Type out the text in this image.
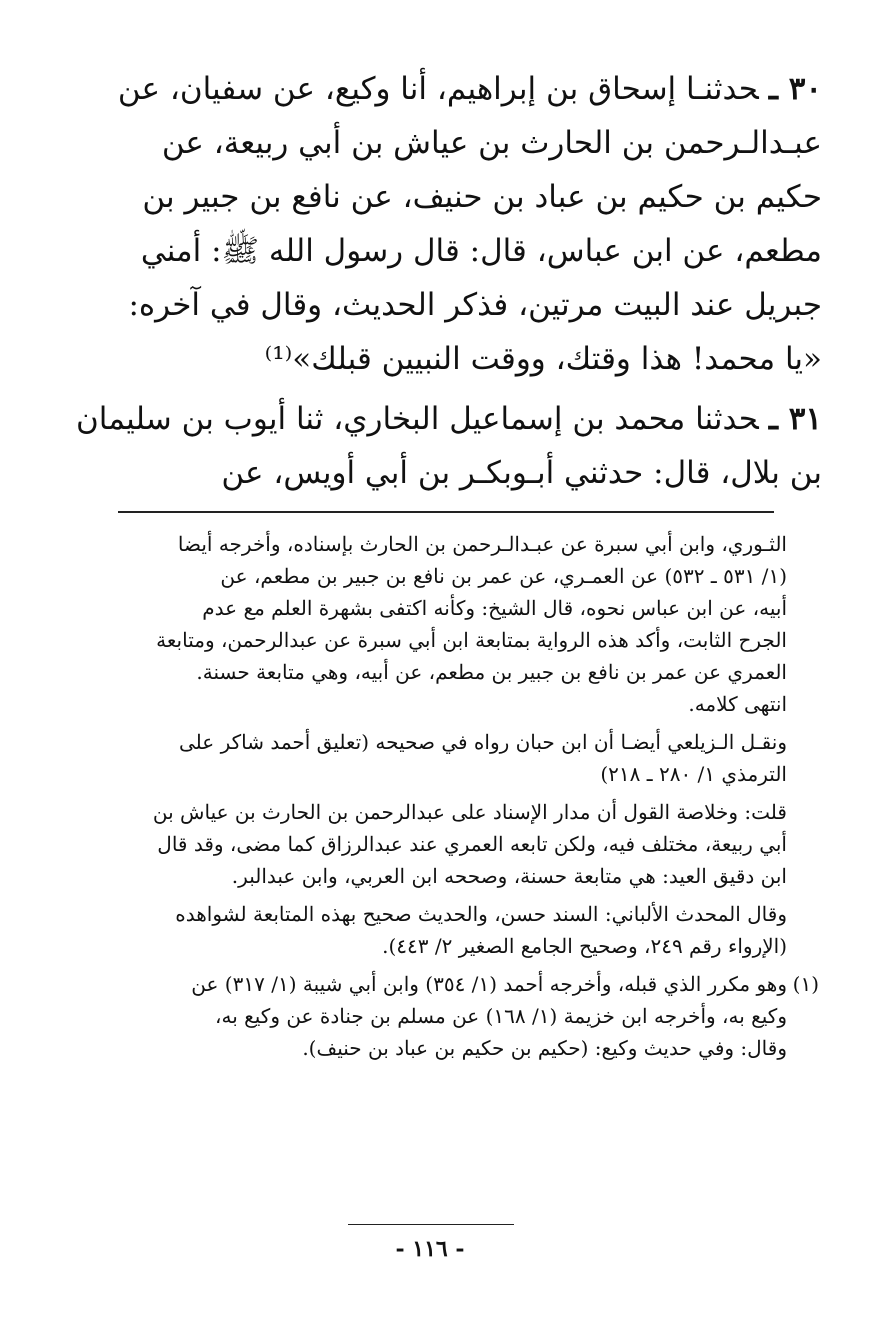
٣٠ ـحدثنـا إسحاق بن إبراهيم، أنا وكيع، عن سفيان، عن
عبـدالـرحمن بن الحارث بن عياش بن أبي ربيعة، عن
حكيم بن حكيم بن عباد بن حنيف، عن نافع بن جبير بن
مطعم، عن ابن عباس، قال: قال رسول الله ﷺ: أمني
جبريل عند البيت مرتين، فذكر الحديث، وقال في آخره:
«يا محمد! هذا وقتك، ووقت النبيين قبلك»⁽¹⁾
٣١ ـحدثنا محمد بن إسماعيل البخاري، ثنا أيوب بن سليمان
بن بلال، قال: حدثني أبـوبكـر بن أبي أويس، عن
الثـوري، وابن أبي سبرة عن عبـدالـرحمن بن الحارث بإسناده، وأخرجه أيضا
(١/ ٥٣١ ـ ٥٣٢) عن العمـري، عن عمر بن نافع بن جبير بن مطعم، عن
أبيه، عن ابن عباس نحوه، قال الشيخ: وكأنه اكتفى بشهرة العلم مع عدم
الجرح الثابت، وأكد هذه الرواية بمتابعة ابن أبي سبرة عن عبدالرحمن، ومتابعة
العمري عن عمر بن نافع بن جبير بن مطعم، عن أبيه، وهي متابعة حسنة.
انتهى كلامه.
ونقـل الـزيلعي أيضـا أن ابن حبان رواه في صحيحه (تعليق أحمد شاكر على
الترمذي ١/ ٢٨٠ ـ ٢١٨)
قلت: وخلاصة القول أن مدار الإسناد على عبدالرحمن بن الحارث بن عياش بن
أبي ربيعة، مختلف فيه، ولكن تابعه العمري عند عبدالرزاق كما مضى، وقد قال
ابن دقيق العيد: هي متابعة حسنة، وصححه ابن العربي، وابن عبدالبر.
وقال المحدث الألباني: السند حسن، والحديث صحيح بهذه المتابعة لشواهده
(الإرواء رقم ٢٤٩، وصحيح الجامع الصغير ٢/ ٤٤٣).
(١)
وهو مكرر الذي قبله، وأخرجه أحمد (١/ ٣٥٤) وابن أبي شيبة (١/ ٣١٧) عن
وكيع به، وأخرجه ابن خزيمة (١/ ١٦٨) عن مسلم بن جنادة عن وكيع به،
وقال: وفي حديث وكيع: (حكيم بن حكيم بن عباد بن حنيف).
- ١١٦ -
